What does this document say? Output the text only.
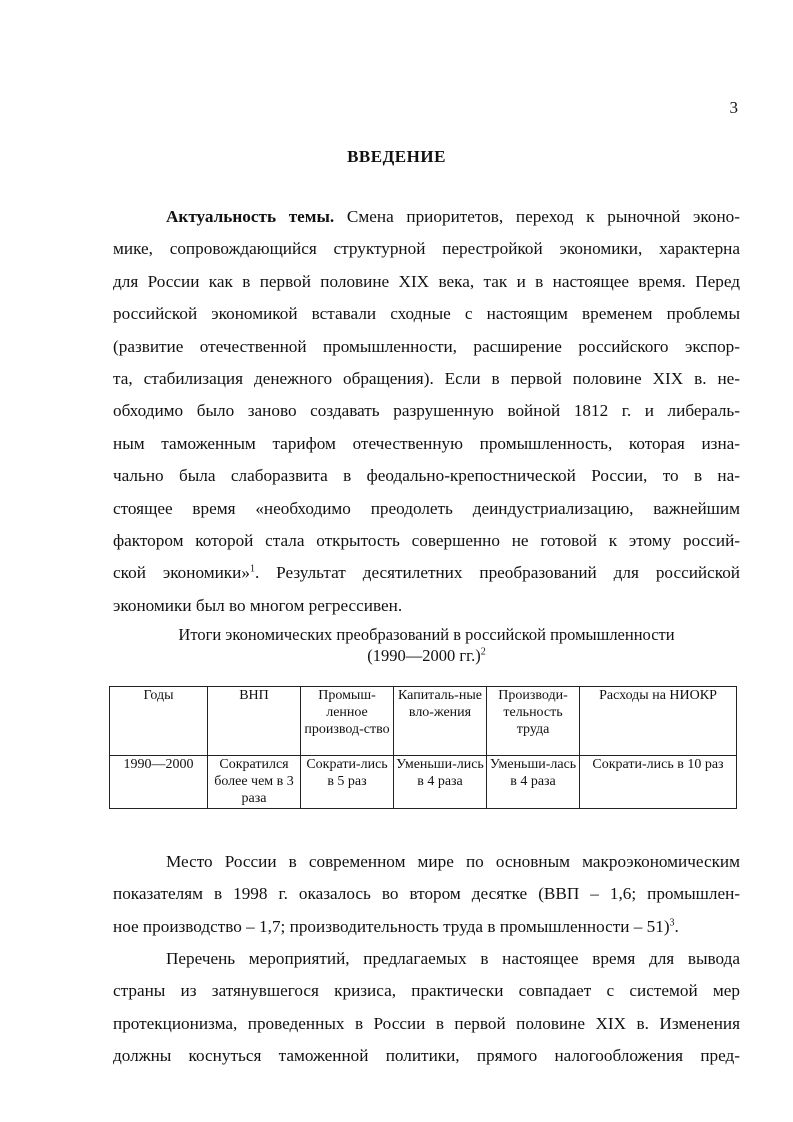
3
ВВЕДЕНИЕ
Актуальность темы. Смена приоритетов, переход к рыночной эконо-
мике, сопровождающийся структурной перестройкой экономики, характерна
для России как в первой половине XIX века, так и в настоящее время. Перед
российской экономикой вставали сходные с настоящим временем проблемы
(развитие отечественной промышленности, расширение российского экспор-
та, стабилизация денежного обращения). Если в первой половине XIX в. не-
обходимо было заново создавать разрушенную войной 1812 г. и либераль-
ным таможенным тарифом отечественную промышленность, которая изна-
чально была слаборазвита в феодально-крепостнической России, то в на-
стоящее время «необходимо преодолеть деиндустриализацию, важнейшим
фактором которой стала открытость совершенно не готовой к этому россий-
ской экономики»$^1$. Результат десятилетних преобразований для российской
экономики был во многом регрессивен.
Итоги экономических преобразований в российской промышленности
(1990—2000 гг.)$^2$
Годы	ВНП	Промыш-ленное производ-ство	Капиталь-ные вло-жения	Производи-тельность труда	Расходы на НИОКР
1990—2000	Сократился более чем в 3 раза	Сократи-лись в 5 раз	Уменьши-лись в 4 раза	Уменьши-лась в 4 раза	Сократи-лись в 10 раз
Место России в современном мире по основным макроэкономическим
показателям в 1998 г. оказалось во втором десятке (ВВП – 1,6; промышлен-
ное производство – 1,7; производительность труда в промышленности – 51)$^3$.
Перечень мероприятий, предлагаемых в настоящее время для вывода
страны из затянувшегося кризиса, практически совпадает с системой мер
протекционизма, проведенных в России в первой половине XIX в. Изменения
должны коснуться таможенной политики, прямого налогообложения пред-
